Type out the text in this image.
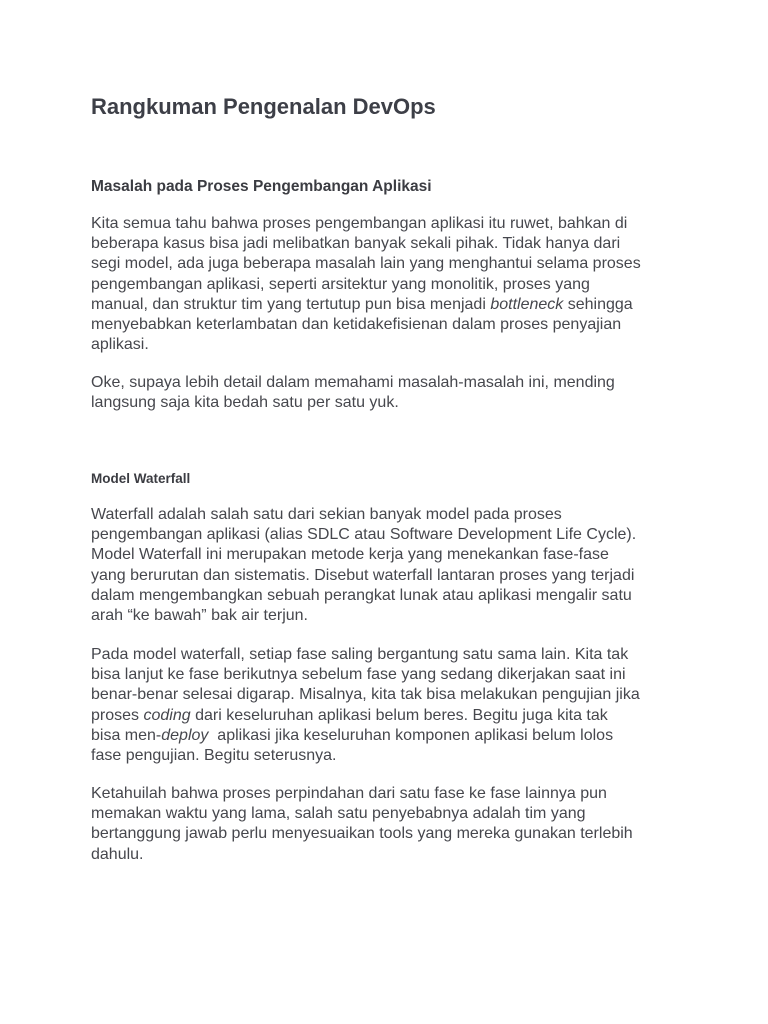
Rangkuman Pengenalan DevOps
Masalah pada Proses Pengembangan Aplikasi

Kita semua tahu bahwa proses pengembangan aplikasi itu ruwet, bahkan di
beberapa kasus bisa jadi melibatkan banyak sekali pihak. Tidak hanya dari
segi model, ada juga beberapa masalah lain yang menghantui selama proses
pengembangan aplikasi, seperti arsitektur yang monolitik, proses yang
manual, dan struktur tim yang tertutup pun bisa menjadi bottleneck sehingga
menyebabkan keterlambatan dan ketidakefisienan dalam proses penyajian
aplikasi.

Oke, supaya lebih detail dalam memahami masalah-masalah ini, mending
langsung saja kita bedah satu per satu yuk.

Model Waterfall

Waterfall adalah salah satu dari sekian banyak model pada proses
pengembangan aplikasi (alias SDLC atau Software Development Life Cycle).
Model Waterfall ini merupakan metode kerja yang menekankan fase-fase
yang berurutan dan sistematis. Disebut waterfall lantaran proses yang terjadi
dalam mengembangkan sebuah perangkat lunak atau aplikasi mengalir satu
arah “ke bawah” bak air terjun.

Pada model waterfall, setiap fase saling bergantung satu sama lain. Kita tak
bisa lanjut ke fase berikutnya sebelum fase yang sedang dikerjakan saat ini
benar-benar selesai digarap. Misalnya, kita tak bisa melakukan pengujian jika
proses coding dari keseluruhan aplikasi belum beres. Begitu juga kita tak
bisa men-deploy  aplikasi jika keseluruhan komponen aplikasi belum lolos
fase pengujian. Begitu seterusnya.

Ketahuilah bahwa proses perpindahan dari satu fase ke fase lainnya pun
memakan waktu yang lama, salah satu penyebabnya adalah tim yang
bertanggung jawab perlu menyesuaikan tools yang mereka gunakan terlebih
dahulu.
